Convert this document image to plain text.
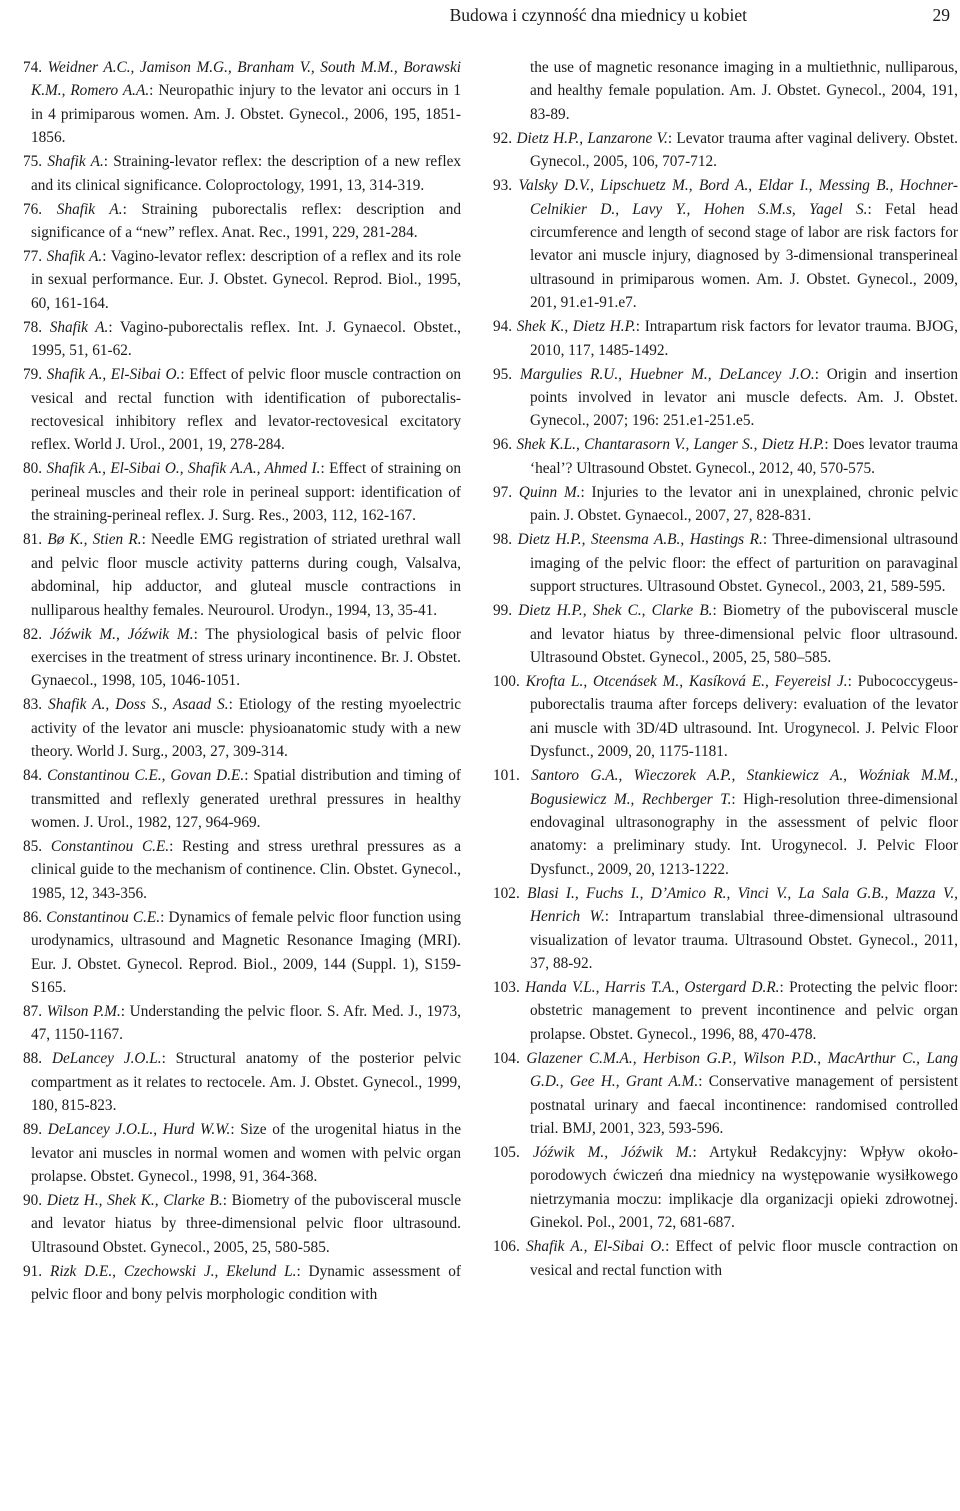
Budowa i czynność dna miednicy u kobiet	29

74. Weidner A.C., Jamison M.G., Branham V., South M.M., Borawski K.M., Romero A.A.: Neuropathic injury to the levator ani occurs in 1 in 4 primiparous women. Am. J. Obstet. Gynecol., 2006, 195, 1851-1856.

75. Shafik A.: Straining-levator reflex: the description of a new reflex and its clinical significance. Coloproctology, 1991, 13, 314-319.

76. Shafik A.: Straining puborectalis reflex: description and significance of a “new” reflex. Anat. Rec., 1991, 229, 281-284.

77. Shafik A.: Vagino-levator reflex: description of a reflex and its role in sexual performance. Eur. J. Obstet. Gynecol. Reprod. Biol., 1995, 60, 161-164.

78. Shafik A.: Vagino-puborectalis reflex. Int. J. Gynaecol. Obstet., 1995, 51, 61-62.

79. Shafik A., El-Sibai O.: Effect of pelvic floor muscle contraction on vesical and rectal function with identification of puborectalis-rectovesical inhibitory reflex and levator-rectovesical excitatory reflex. World J. Urol., 2001, 19, 278-284.

80. Shafik A., El-Sibai O., Shafik A.A., Ahmed I.: Effect of straining on perineal muscles and their role in perineal support: identification of the straining-perineal reflex. J. Surg. Res., 2003, 112, 162-167.

81. Bø K., Stien R.: Needle EMG registration of striated urethral wall and pelvic floor muscle activity patterns during cough, Valsalva, abdominal, hip adductor, and gluteal muscle contractions in nulliparous healthy females. Neurourol. Urodyn., 1994, 13, 35-41.

82. Jóźwik M., Jóźwik M.: The physiological basis of pelvic floor exercises in the treatment of stress urinary incontinence. Br. J. Obstet. Gynaecol., 1998, 105, 1046-1051.

83. Shafik A., Doss S., Asaad S.: Etiology of the resting myoelectric activity of the levator ani muscle: physioanatomic study with a new theory. World J. Surg., 2003, 27, 309-314.

84. Constantinou C.E., Govan D.E.: Spatial distribution and timing of transmitted and reflexly generated urethral pressures in healthy women. J. Urol., 1982, 127, 964-969.

85. Constantinou C.E.: Resting and stress urethral pressures as a clinical guide to the mechanism of continence. Clin. Obstet. Gynecol., 1985, 12, 343-356.

86. Constantinou C.E.: Dynamics of female pelvic floor function using urodynamics, ultrasound and Magnetic Resonance Imaging (MRI). Eur. J. Obstet. Gynecol. Reprod. Biol., 2009, 144 (Suppl. 1), S159-S165.

87. Wilson P.M.: Understanding the pelvic floor. S. Afr. Med. J., 1973, 47, 1150-1167.

88. DeLancey J.O.L.: Structural anatomy of the posterior pelvic compartment as it relates to rectocele. Am. J. Obstet. Gynecol., 1999, 180, 815-823.

89. DeLancey J.O.L., Hurd W.W.: Size of the urogenital hiatus in the levator ani muscles in normal women and women with pelvic organ prolapse. Obstet. Gynecol., 1998, 91, 364-368.

90. Dietz H., Shek K., Clarke B.: Biometry of the pubovisceral muscle and levator hiatus by three-dimensional pelvic floor ultrasound. Ultrasound Obstet. Gynecol., 2005, 25, 580-585.

91. Rizk D.E., Czechowski J., Ekelund L.: Dynamic assessment of pelvic floor and bony pelvis morphologic condition with

the use of magnetic resonance imaging in a multiethnic, nulliparous, and healthy female population. Am. J. Obstet. Gynecol., 2004, 191, 83-89.

92. Dietz H.P., Lanzarone V.: Levator trauma after vaginal delivery. Obstet. Gynecol., 2005, 106, 707-712.

93. Valsky D.V., Lipschuetz M., Bord A., Eldar I., Messing B., Hochner-Celnikier D., Lavy Y., Hohen S.M.s, Yagel S.: Fetal head circumference and length of second stage of labor are risk factors for levator ani muscle injury, diagnosed by 3-dimensional transperineal ultrasound in primiparous women. Am. J. Obstet. Gynecol., 2009, 201, 91.e1-91.e7.

94. Shek K., Dietz H.P.: Intrapartum risk factors for levator trauma. BJOG, 2010, 117, 1485-1492.

95. Margulies R.U., Huebner M., DeLancey J.O.: Origin and insertion points involved in levator ani muscle defects. Am. J. Obstet. Gynecol., 2007; 196: 251.e1-251.e5.

96. Shek K.L., Chantarasorn V., Langer S., Dietz H.P.: Does levator trauma ‘heal’? Ultrasound Obstet. Gynecol., 2012, 40, 570-575.

97. Quinn M.: Injuries to the levator ani in unexplained, chronic pelvic pain. J. Obstet. Gynaecol., 2007, 27, 828-831.

98. Dietz H.P., Steensma A.B., Hastings R.: Three-dimensional ultrasound imaging of the pelvic floor: the effect of parturition on paravaginal support structures. Ultrasound Obstet. Gynecol., 2003, 21, 589-595.

99. Dietz H.P., Shek C., Clarke B.: Biometry of the pubovisceral muscle and levator hiatus by three-dimensional pelvic floor ultrasound. Ultrasound Obstet. Gynecol., 2005, 25, 580–585.

100. Krofta L., Otcenásek M., Kasíková E., Feyereisl J.: Pubococcygeus-puborectalis trauma after forceps delivery: evaluation of the levator ani muscle with 3D/4D ultrasound. Int. Urogynecol. J. Pelvic Floor Dysfunct., 2009, 20, 1175-1181.

101. Santoro G.A., Wieczorek A.P., Stankiewicz A., Woźniak M.M., Bogusiewicz M., Rechberger T.: High-resolution three-dimensional endovaginal ultrasonography in the assessment of pelvic floor anatomy: a preliminary study. Int. Urogynecol. J. Pelvic Floor Dysfunct., 2009, 20, 1213-1222.

102. Blasi I., Fuchs I., D’Amico R., Vinci V., La Sala G.B., Mazza V., Henrich W.: Intrapartum translabial three-dimensional ultrasound visualization of levator trauma. Ultrasound Obstet. Gynecol., 2011, 37, 88-92.

103. Handa V.L., Harris T.A., Ostergard D.R.: Protecting the pelvic floor: obstetric management to prevent incontinence and pelvic organ prolapse. Obstet. Gynecol., 1996, 88, 470-478.

104. Glazener C.M.A., Herbison G.P., Wilson P.D., MacArthur C., Lang G.D., Gee H., Grant A.M.: Conservative management of persistent postnatal urinary and faecal incontinence: randomised controlled trial. BMJ, 2001, 323, 593-596.

105. Jóźwik M., Jóźwik M.: Artykuł Redakcyjny: Wpływ około-porodowych ćwiczeń dna miednicy na występowanie wysiłkowego nietrzymania moczu: implikacje dla organizacji opieki zdrowotnej. Ginekol. Pol., 2001, 72, 681-687.

106. Shafik A., El-Sibai O.: Effect of pelvic floor muscle contraction on vesical and rectal function with
